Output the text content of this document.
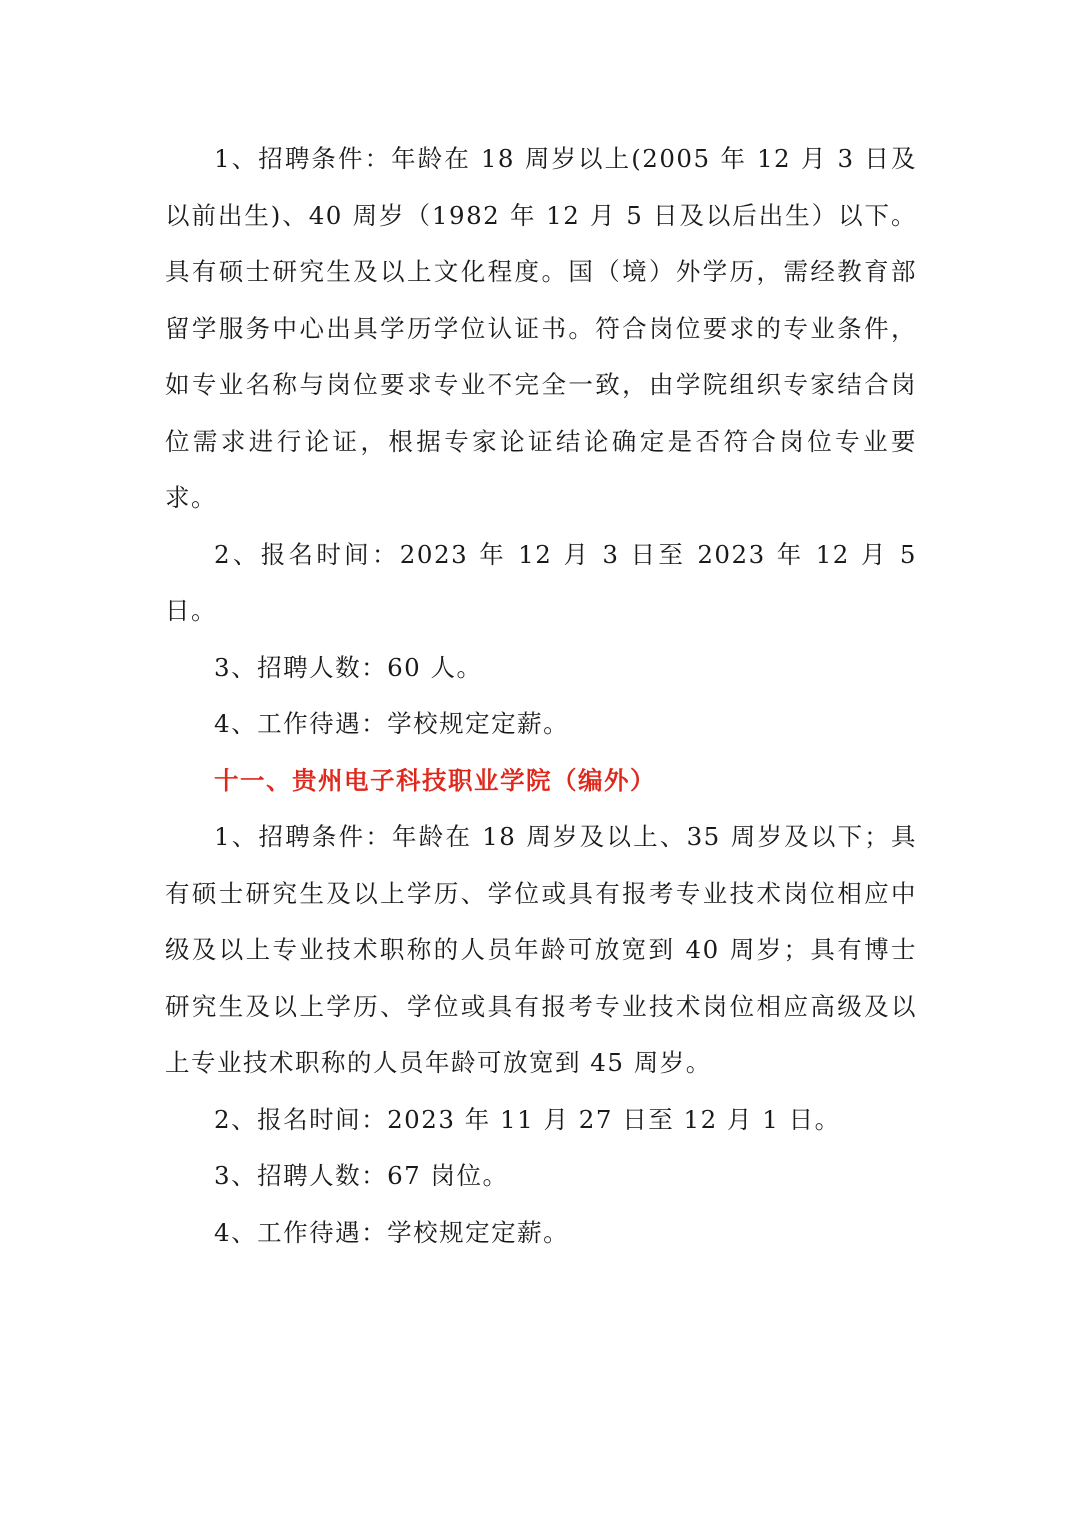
1、招聘条件：年龄在 18 周岁以上(2005 年 12 月 3 日及以前出生)、40 周岁（1982 年 12 月 5 日及以后出生）以下。具有硕士研究生及以上文化程度。国（境）外学历，需经教育部留学服务中心出具学历学位认证书。符合岗位要求的专业条件，如专业名称与岗位要求专业不完全一致，由学院组织专家结合岗位需求进行论证，根据专家论证结论确定是否符合岗位专业要求。

2、报名时间：2023 年 12 月 3 日至 2023 年 12 月 5 日。

3、招聘人数：60 人。

4、工作待遇：学校规定定薪。

十一、贵州电子科技职业学院（编外）

1、招聘条件：年龄在 18 周岁及以上、35 周岁及以下；具有硕士研究生及以上学历、学位或具有报考专业技术岗位相应中级及以上专业技术职称的人员年龄可放宽到 40 周岁；具有博士研究生及以上学历、学位或具有报考专业技术岗位相应高级及以上专业技术职称的人员年龄可放宽到 45 周岁。

2、报名时间：2023 年 11 月 27 日至 12 月 1 日。

3、招聘人数：67 岗位。

4、工作待遇：学校规定定薪。
